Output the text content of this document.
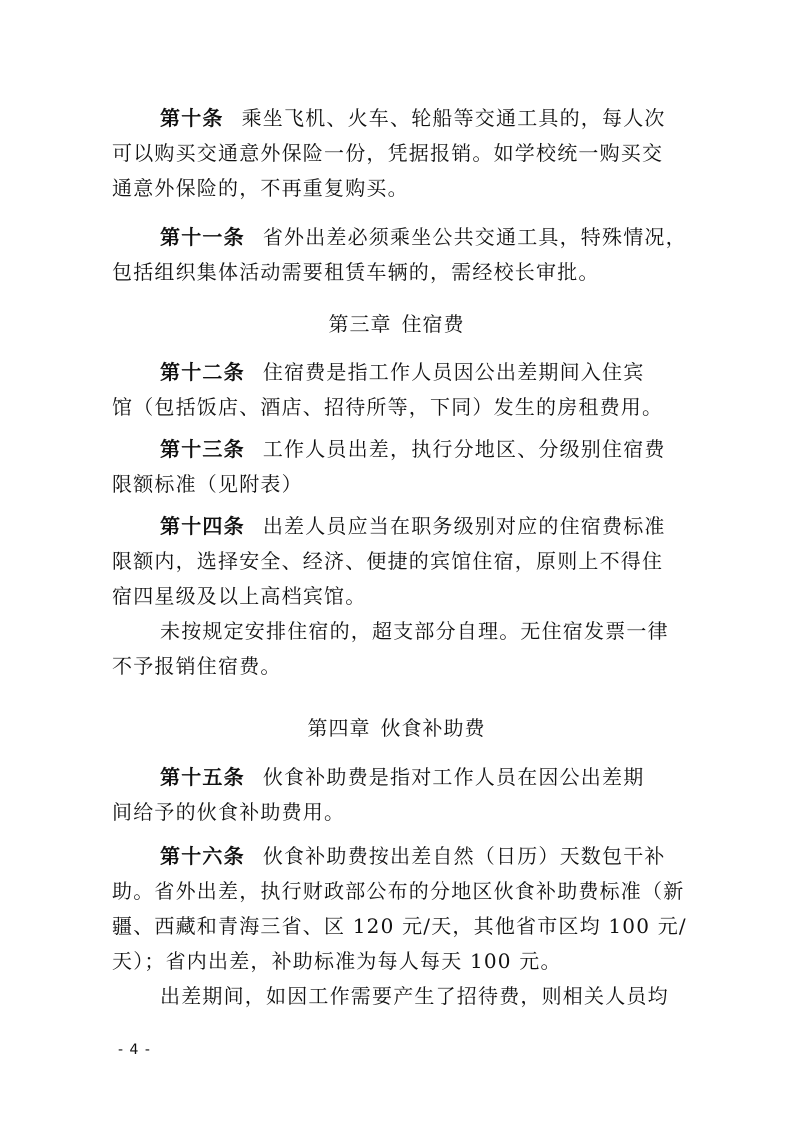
第十条 乘坐飞机、火车、轮船等交通工具的，每人次
可以购买交通意外保险一份，凭据报销。如学校统一购买交
通意外保险的，不再重复购买。
第十一条 省外出差必须乘坐公共交通工具，特殊情况，
包括组织集体活动需要租赁车辆的，需经校长审批。
第三章 住宿费
第十二条 住宿费是指工作人员因公出差期间入住宾
馆（包括饭店、酒店、招待所等，下同）发生的房租费用。
第十三条 工作人员出差，执行分地区、分级别住宿费
限额标准（见附表）
第十四条 出差人员应当在职务级别对应的住宿费标准
限额内，选择安全、经济、便捷的宾馆住宿，原则上不得住
宿四星级及以上高档宾馆。
未按规定安排住宿的，超支部分自理。无住宿发票一律
不予报销住宿费。
第四章 伙食补助费
第十五条 伙食补助费是指对工作人员在因公出差期
间给予的伙食补助费用。
第十六条 伙食补助费按出差自然（日历）天数包干补
助。省外出差，执行财政部公布的分地区伙食补助费标准（新
疆、西藏和青海三省、区 120 元/天，其他省市区均 100 元/
天）；省内出差，补助标准为每人每天 100 元。
出差期间，如因工作需要产生了招待费，则相关人员均
- 4 -
